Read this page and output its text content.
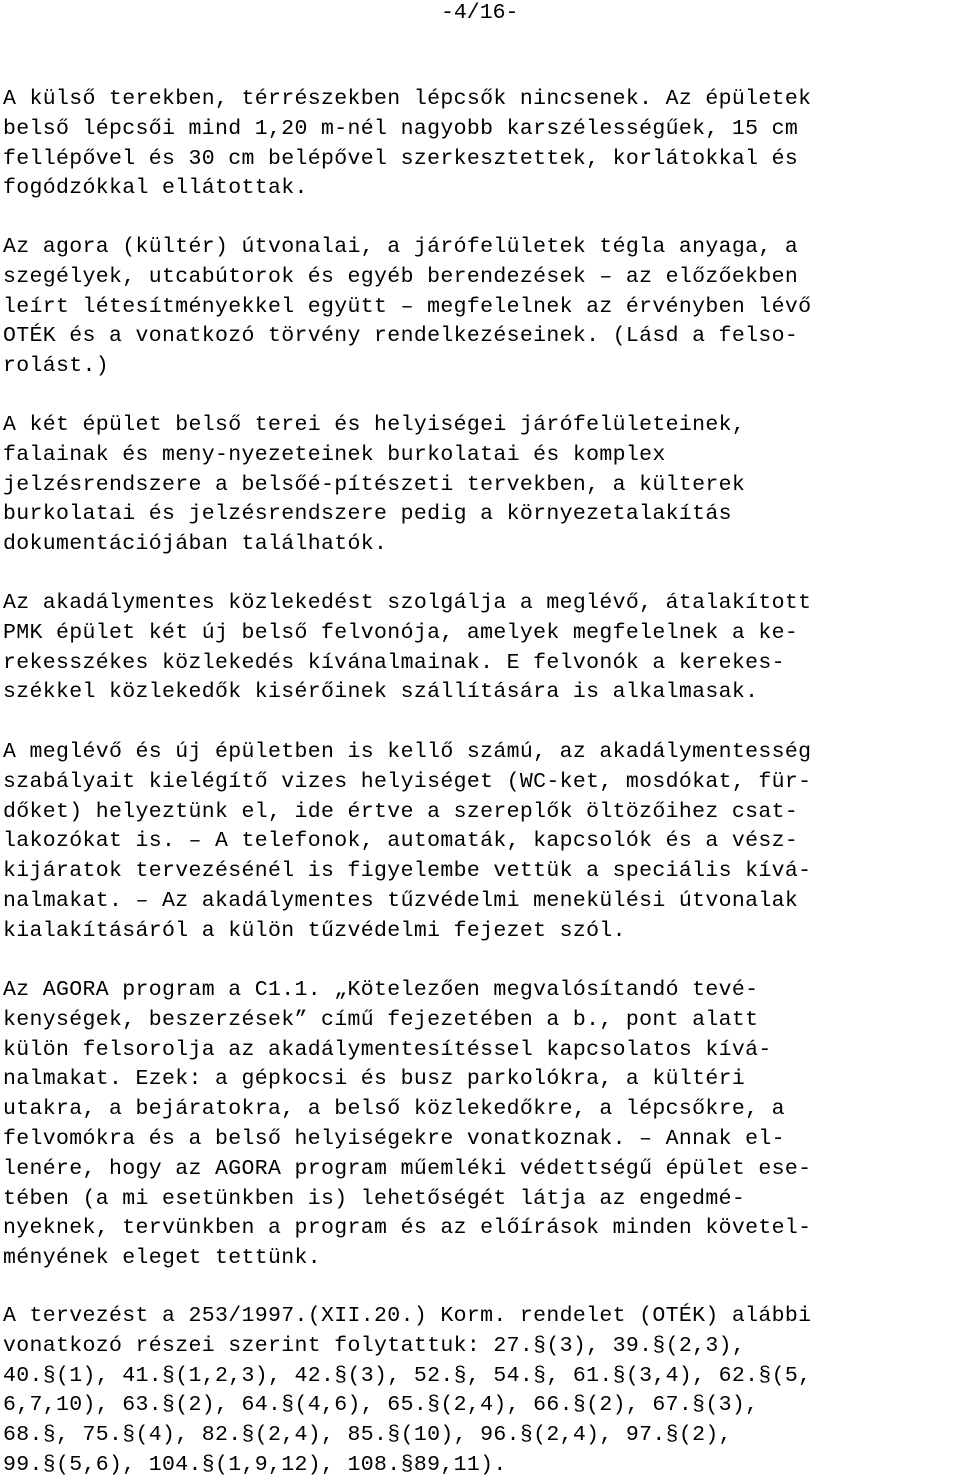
-4/16-
A külső terekben, térrészekben lépcsők nincsenek. Az épületek
belső lépcsői mind 1,20 m-nél nagyobb karszélességűek, 15 cm
fellépővel és 30 cm belépővel szerkesztettek, korlátokkal és
fogódzókkal ellátottak.
Az agora (kültér) útvonalai, a járófelületek tégla anyaga, a
szegélyek, utcabútorok és egyéb berendezések – az előzőekben
leírt létesítményekkel együtt – megfelelnek az érvényben lévő
OTÉK és a vonatkozó törvény rendelkezéseinek. (Lásd a felso-
rolást.)
A két épület belső terei és helyiségei járófelületeinek,
falainak és meny-nyezeteinek burkolatai és komplex
jelzésrendszere a belsőé-pítészeti tervekben, a külterek
burkolatai és jelzésrendszere pedig a környezetalakítás
dokumentációjában találhatók.
Az akadálymentes közlekedést szolgálja a meglévő, átalakított
PMK épület két új belső felvonója, amelyek megfelelnek a ke-
rekesszékes közlekedés kívánalmainak. E felvonók a kerekes-
székkel közlekedők kisérőinek szállítására is alkalmasak.
A meglévő és új épületben is kellő számú, az akadálymentesség
szabályait kielégítő vizes helyiséget (WC-ket, mosdókat, für-
dőket) helyeztünk el, ide értve a szereplők öltözőihez csat-
lakozókat is. – A telefonok, automaták, kapcsolók és a vész-
kijáratok tervezésénél is figyelembe vettük a speciális kívá-
nalmakat. – Az akadálymentes tűzvédelmi menekülési útvonalak
kialakításáról a külön tűzvédelmi fejezet szól.
Az AGORA program a C1.1. „Kötelezően megvalósítandó tevé-
kenységek, beszerzések” című fejezetében a b., pont alatt
külön felsorolja az akadálymentesítéssel kapcsolatos kívá-
nalmakat. Ezek: a gépkocsi és busz parkolókra, a kültéri
utakra, a bejáratokra, a belső közlekedőkre, a lépcsőkre, a
felvomókra és a belső helyiségekre vonatkoznak. – Annak el-
lenére, hogy az AGORA program műemléki védettségű épület ese-
tében (a mi esetünkben is) lehetőségét látja az engedmé-
nyeknek, tervünkben a program és az előírások minden követel-
ményének eleget tettünk.
A tervezést a 253/1997.(XII.20.) Korm. rendelet (OTÉK) alábbi
vonatkozó részei szerint folytattuk: 27.§(3), 39.§(2,3),
40.§(1), 41.§(1,2,3), 42.§(3), 52.§, 54.§, 61.§(3,4), 62.§(5,
6,7,10), 63.§(2), 64.§(4,6), 65.§(2,4), 66.§(2), 67.§(3),
68.§, 75.§(4), 82.§(2,4), 85.§(10), 96.§(2,4), 97.§(2),
99.§(5,6), 104.§(1,9,12), 108.§89,11).
